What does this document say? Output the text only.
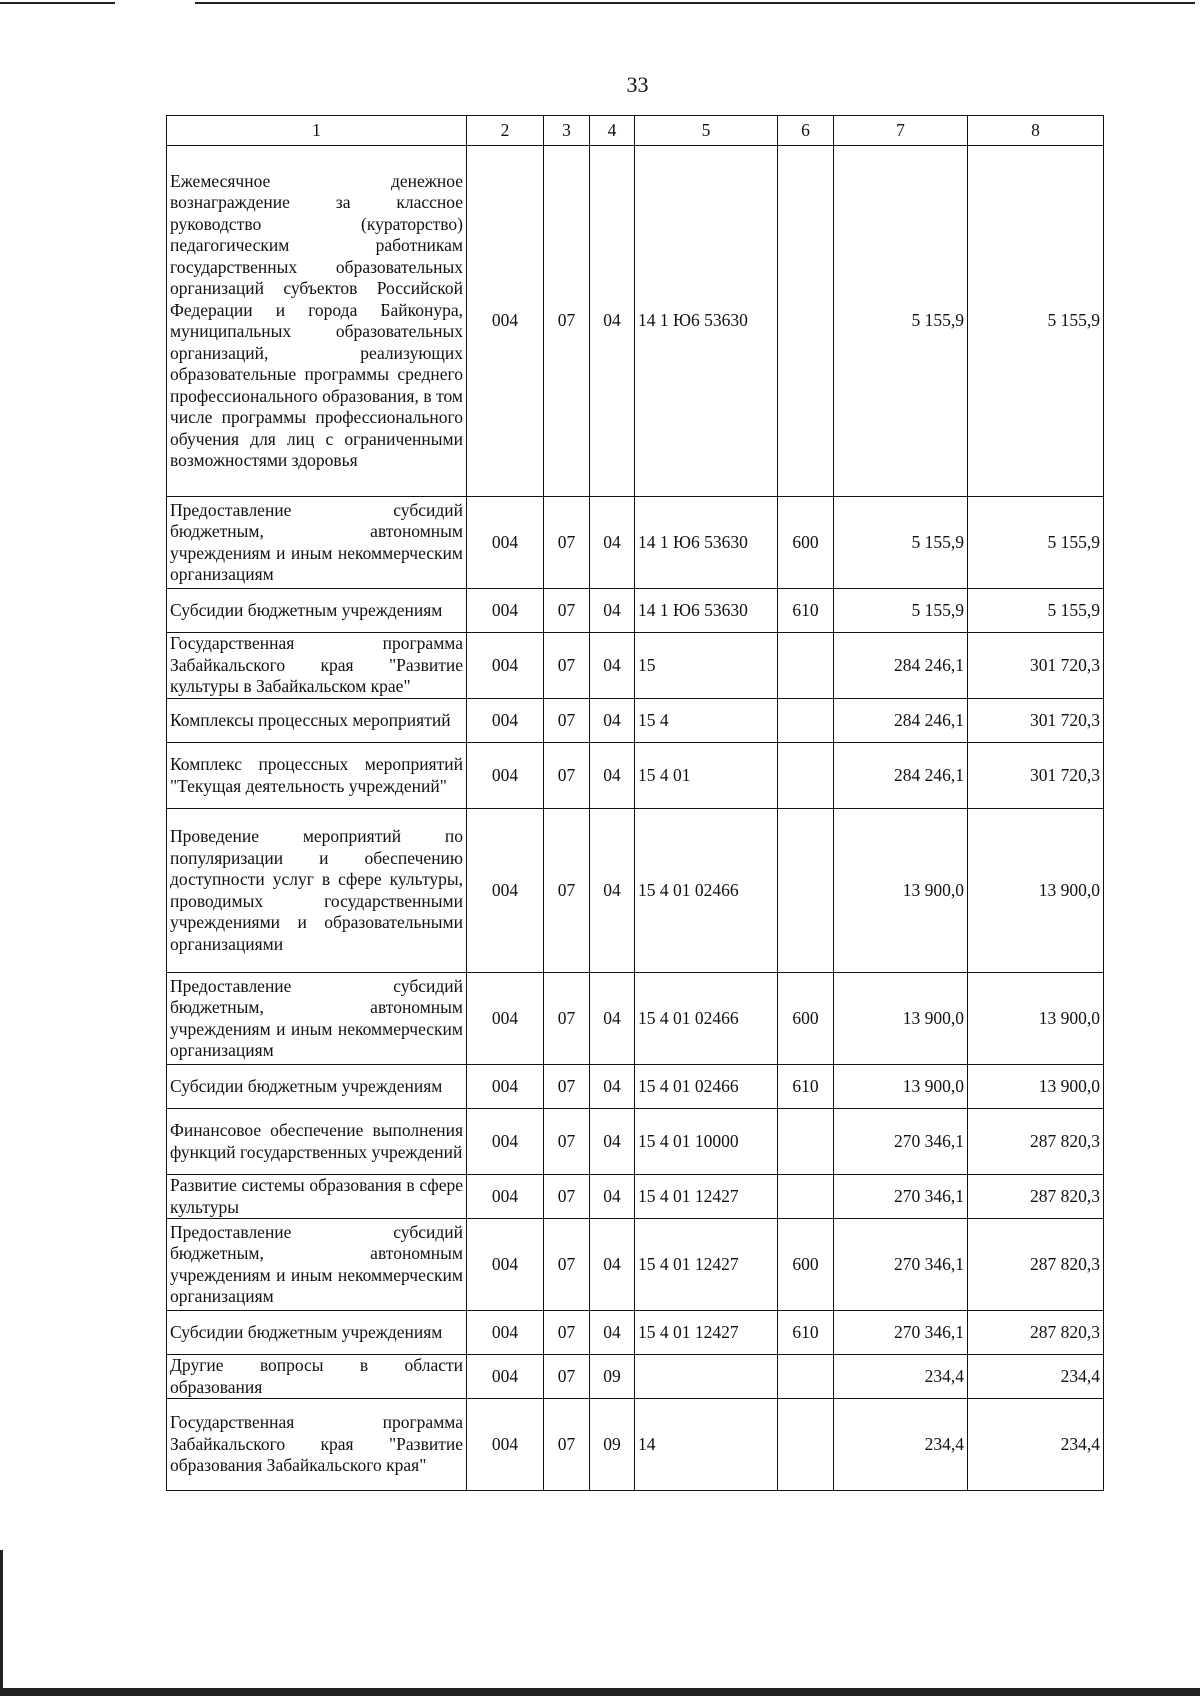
33
1	2	3	4	5	6	7	8
Ежемесячное денежное вознаграждение за классное руководство (кураторство) педагогическим работникам государственных образовательных организаций субъектов Российской Федерации и города Байконура, муниципальных образовательных организаций, реализующих образовательные программы среднего профессионального образования, в том числе программы профессионального обучения для лиц с ограниченными возможностями здоровья	004	07	04	14 1 Ю6 53630		5 155,9	5 155,9
Предоставление субсидий бюджетным, автономным учреждениям и иным некоммерческим организациям	004	07	04	14 1 Ю6 53630	600	5 155,9	5 155,9
Субсидии бюджетным учреждениям	004	07	04	14 1 Ю6 53630	610	5 155,9	5 155,9
Государственная программа Забайкальского края "Развитие культуры в Забайкальском крае"	004	07	04	15		284 246,1	301 720,3
Комплексы процессных мероприятий	004	07	04	15 4		284 246,1	301 720,3
Комплекс процессных мероприятий "Текущая деятельность учреждений"	004	07	04	15 4 01		284 246,1	301 720,3
Проведение мероприятий по популяризации и обеспечению доступности услуг в сфере культуры, проводимых государственными учреждениями и образовательными организациями	004	07	04	15 4 01 02466		13 900,0	13 900,0
Предоставление субсидий бюджетным, автономным учреждениям и иным некоммерческим организациям	004	07	04	15 4 01 02466	600	13 900,0	13 900,0
Субсидии бюджетным учреждениям	004	07	04	15 4 01 02466	610	13 900,0	13 900,0
Финансовое обеспечение выполнения функций государственных учреждений	004	07	04	15 4 01 10000		270 346,1	287 820,3
Развитие системы образования в сфере культуры	004	07	04	15 4 01 12427		270 346,1	287 820,3
Предоставление субсидий бюджетным, автономным учреждениям и иным некоммерческим организациям	004	07	04	15 4 01 12427	600	270 346,1	287 820,3
Субсидии бюджетным учреждениям	004	07	04	15 4 01 12427	610	270 346,1	287 820,3
Другие вопросы в области образования	004	07	09			234,4	234,4
Государственная программа Забайкальского края "Развитие образования Забайкальского края"	004	07	09	14		234,4	234,4
